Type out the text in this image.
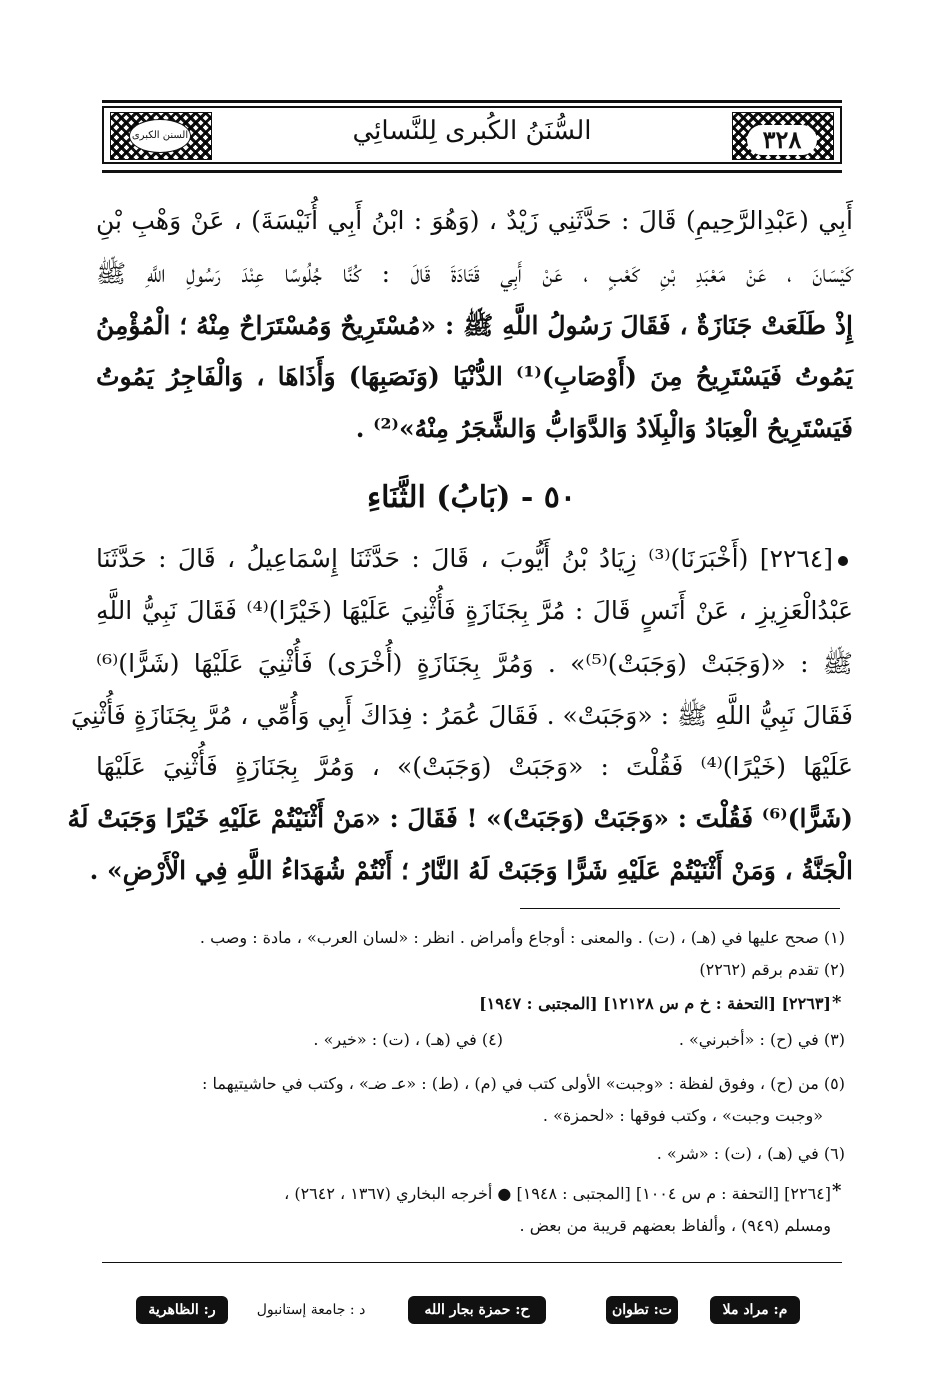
السنن الكبرى	السُّنَنُ الكُبرى لِلنَّسائِي	٣٢٨
أَبِي (عَبْدِالرَّحِيمِ) قَالَ : حَدَّثَنِي زَيْدٌ ، (وَهُوَ : ابْنُ أَبِي أُنَيْسَةَ) ، عَنْ وَهْبِ بْنِ
كَيْسَانَ ، عَنْ مَعْبَدِ بْنِ كَعْبٍ ، عَنْ أَبِي قَتَادَةَ قَالَ : كُنَّا جُلُوسًا عِنْدَ رَسُولِ اللَّهِ ﷺ
إِذْ طَلَعَتْ جَنَازَةٌ ، فَقَالَ رَسُولُ اللَّهِ ﷺ : «مُسْتَرِيحٌ وَمُسْتَرَاحٌ مِنْهُ ؛ الْمُؤْمِنُ
يَمُوتُ فَيَسْتَرِيحُ مِنَ (أَوْصَابِ)⁽¹⁾ الدُّنْيَا (وَنَصَبِهَا) وَأَذَاهَا ، وَالْفَاجِرُ يَمُوتُ
فَيَسْتَرِيحُ الْعِبَادُ وَالْبِلَادُ وَالدَّوَابُّ وَالشَّجَرُ مِنْهُ»⁽²⁾ .
٥٠ - (بَابُ) الثَّنَاءِ
[٢٢٦٤] (أَخْبَرَنَا)⁽³⁾ زِيَادُ بْنُ أَيُّوبَ ، قَالَ : حَدَّثَنَا إِسْمَاعِيلُ ، قَالَ : حَدَّثَنَا
عَبْدُالْعَزِيزِ ، عَنْ أَنَسٍ قَالَ : مُرَّ بِجَنَازَةٍ فَأُثْنِيَ عَلَيْهَا (خَيْرًا)⁽⁴⁾ فَقَالَ نَبِيُّ اللَّهِ
ﷺ : «(وَجَبَتْ (وَجَبَتْ)⁽⁵⁾» . وَمُرَّ بِجَنَازَةٍ (أُخْرَى) فَأُثْنِيَ عَلَيْهَا (شَرًّا)⁽⁶⁾
فَقَالَ نَبِيُّ اللَّهِ ﷺ : «وَجَبَتْ» . فَقَالَ عُمَرُ : فِدَاكَ أَبِي وَأُمِّي ، مُرَّ بِجَنَازَةٍ فَأُثْنِيَ
عَلَيْهَا (خَيْرًا)⁽⁴⁾ فَقُلْتَ : «وَجَبَتْ (وَجَبَتْ)» ، وَمُرَّ بِجَنَازَةٍ فَأُثْنِيَ عَلَيْهَا
(شَرًّا)⁽⁶⁾ فَقُلْتَ : «وَجَبَتْ (وَجَبَتْ)» ! فَقَالَ : «مَنْ أَثْنَيْتُمْ عَلَيْهِ خَيْرًا وَجَبَتْ لَهُ
الْجَنَّةُ ، وَمَنْ أَثْنَيْتُمْ عَلَيْهِ شَرًّا وَجَبَتْ لَهُ النَّارُ ؛ أَنْتُمْ شُهَدَاءُ اللَّهِ فِي الْأَرْضِ» .
(١) صحح عليها في (هـ) ، (ت) . والمعنى : أوجاع وأمراض . انظر : «لسان العرب» ، مادة : وصب .
(٢) تقدم برقم (٢٢٦٢)
*
[٢٢٦٣] [التحفة : خ م س ١٢١٢٨] [المجتبى : ١٩٤٧]
(٣) في (ح) : «أخبرني» .
(٤) في (هـ) ، (ت) : «خير» .
(٥) من (ح) ، وفوق لفظة : «وجبت» الأولى كتب في (م) ، (ط) : «عـ ضـ» ، وكتب في حاشيتيهما :
«وجبت وجبت» ، وكتب فوقها : «لحمزة» .
(٦) في (هـ) ، (ت) : «شر» .
*
[٢٢٦٤] [التحفة : م س ١٠٠٤] [المجتبى : ١٩٤٨] ● أخرجه البخاري (١٣٦٧ ، ٢٦٤٢) ،
ومسلم (٩٤٩) ، وألفاظ بعضهم قريبة من بعض .
م: مراد ملا
ت: تطوان
ح: حمزة بجار الله
د : جامعة إستانبول
ر: الظاهرية
